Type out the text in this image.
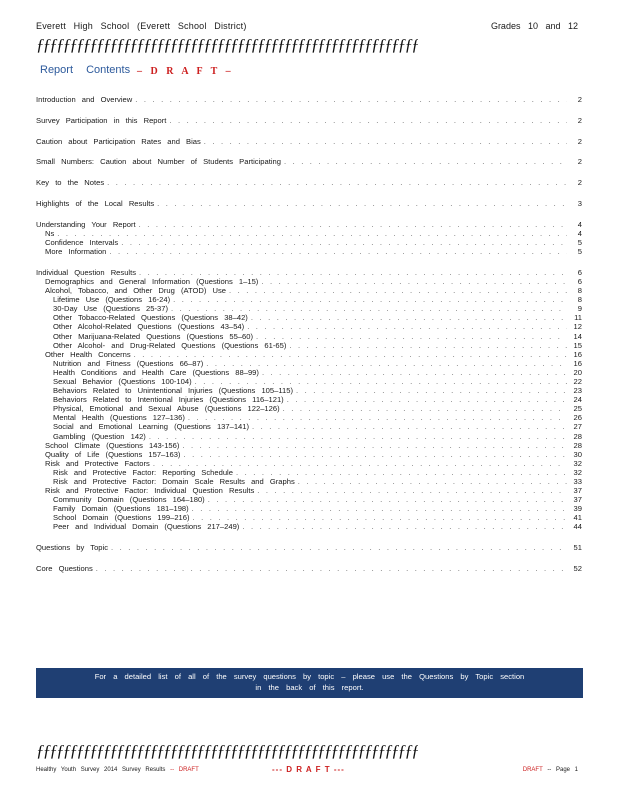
Everett High School (Everett School District)	Grades 10 and 12
ƒƒƒƒƒƒƒƒƒƒƒƒƒƒƒƒƒƒƒƒƒƒƒƒƒƒƒƒƒƒƒƒƒƒƒƒƒƒƒƒƒƒƒƒƒƒƒƒƒƒƒƒƒƒƒƒƒ
Report Contents – D R A F T –
Introduction and Overview . . .	2
Survey Participation in this Report . . .	2
Caution about Participation Rates and Bias . . .	2
Small Numbers: Caution about Number of Students Participating . . .	2
Key to the Notes . . .	2
Highlights of the Local Results . . .	3
Understanding Your Report . . .	4
Ns . . .	4
Confidence Intervals . . .	5
More Information . . .	5
Individual Question Results . . .	6
Demographics and General Information (Questions 1–15) . . .	6
Alcohol, Tobacco, and Other Drug (ATOD) Use . . .	8
Lifetime Use (Questions 16-24) . . .	8
30-Day Use (Questions 25-37) . . .	9
Other Tobacco-Related Questions (Questions 38–42) . . .	11
Other Alcohol-Related Questions (Questions 43–54) . . .	12
Other Marijuana-Related Questions (Questions 55–60) . . .	14
Other Alcohol- and Drug-Related Questions (Questions 61-65) . . .	15
Other Health Concerns . . .	16
Nutrition and Fitness (Questions 66–87) . . .	16
Health Conditions and Health Care (Questions 88–99) . . .	20
Sexual Behavior (Questions 100-104) . . .	22
Behaviors Related to Unintentional Injuries (Questions 105–115) . . .	23
Behaviors Related to Intentional Injuries (Questions 116–121) . . .	24
Physical, Emotional and Sexual Abuse (Questions 122–126) . . .	25
Mental Health (Questions 127–136) . . .	26
Social and Emotional Learning (Questions 137–141) . . .	27
Gambling (Question 142) . . .	28
School Climate (Questions 143-156) . . .	28
Quality of Life (Questions 157–163) . . .	30
Risk and Protective Factors . . .	32
Risk and Protective Factor: Reporting Schedule . . .	32
Risk and Protective Factor: Domain Scale Results and Graphs . . .	33
Risk and Protective Factor: Individual Question Results . . .	37
Community Domain (Questions 164–180) . . .	37
Family Domain (Questions 181–198) . . .	39
School Domain (Questions 199–216) . . .	41
Peer and Individual Domain (Questions 217–249) . . .	44
Questions by Topic . . .	51
Core Questions . . .	52
For a detailed list of all of the survey questions by topic – please use the Questions by Topic section
in the back of this report.
ƒƒƒƒƒƒƒƒƒƒƒƒƒƒƒƒƒƒƒƒƒƒƒƒƒƒƒƒƒƒƒƒƒƒƒƒƒƒƒƒƒƒƒƒƒƒƒƒƒƒƒƒƒƒƒƒƒ
Healthy Youth Survey 2014 Survey Results -- DRAFT	--- D R A F T ---	DRAFT -- Page 1
